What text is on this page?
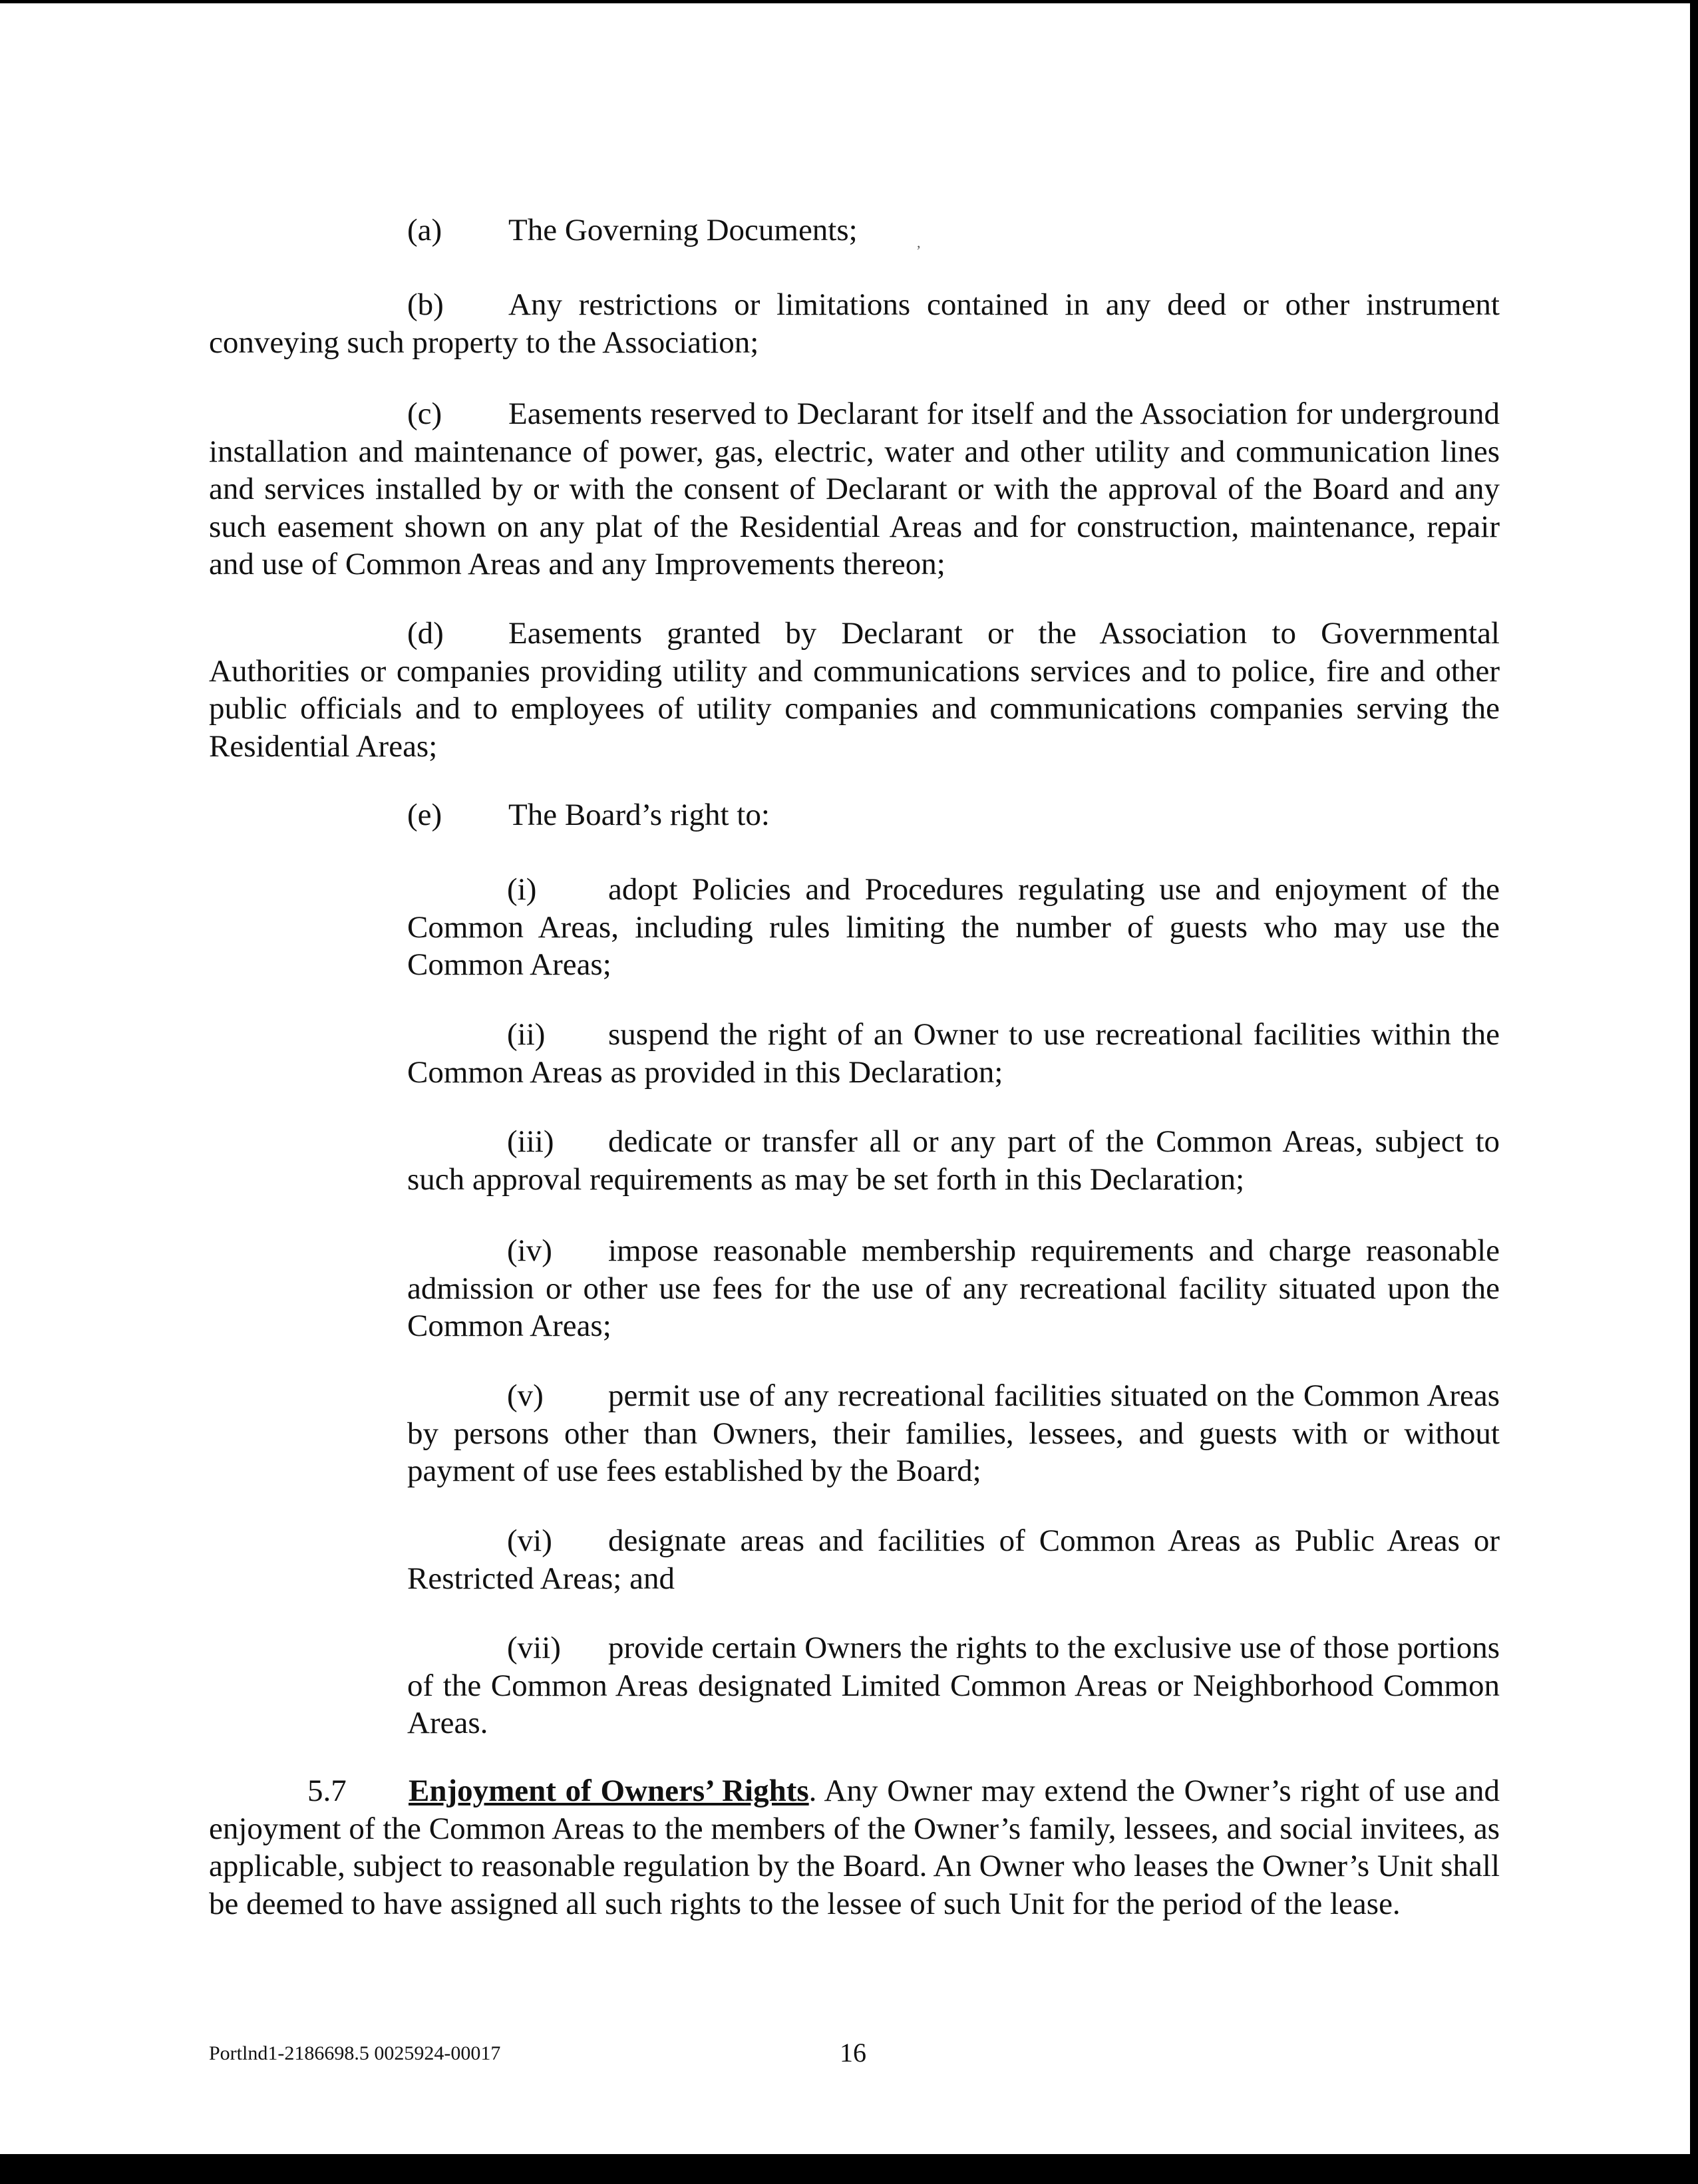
,

(a) The Governing Documents;

(b) Any restrictions or limitations contained in any deed or other instrument conveying such property to the Association;

(c) Easements reserved to Declarant for itself and the Association for underground installation and maintenance of power, gas, electric, water and other utility and communication lines and services installed by or with the consent of Declarant or with the approval of the Board and any such easement shown on any plat of the Residential Areas and for construction, maintenance, repair and use of Common Areas and any Improvements thereon;

(d) Easements granted by Declarant or the Association to Governmental Authorities or companies providing utility and communications services and to police, fire and other public officials and to employees of utility companies and communications companies serving the Residential Areas;

(e) The Board’s right to:

(i) adopt Policies and Procedures regulating use and enjoyment of the Common Areas, including rules limiting the number of guests who may use the Common Areas;

(ii) suspend the right of an Owner to use recreational facilities within the Common Areas as provided in this Declaration;

(iii) dedicate or transfer all or any part of the Common Areas, subject to such approval requirements as may be set forth in this Declaration;

(iv) impose reasonable membership requirements and charge reasonable admission or other use fees for the use of any recreational facility situated upon the Common Areas;

(v) permit use of any recreational facilities situated on the Common Areas by persons other than Owners, their families, lessees, and guests with or without payment of use fees established by the Board;

(vi) designate areas and facilities of Common Areas as Public Areas or Restricted Areas; and

(vii) provide certain Owners the rights to the exclusive use of those portions of the Common Areas designated Limited Common Areas or Neighborhood Common Areas.

5.7 Enjoyment of Owners’ Rights. Any Owner may extend the Owner’s right of use and enjoyment of the Common Areas to the members of the Owner’s family, lessees, and social invitees, as applicable, subject to reasonable regulation by the Board. An Owner who leases the Owner’s Unit shall be deemed to have assigned all such rights to the lessee of such Unit for the period of the lease.

Portlnd1-2186698.5 0025924-00017	16
